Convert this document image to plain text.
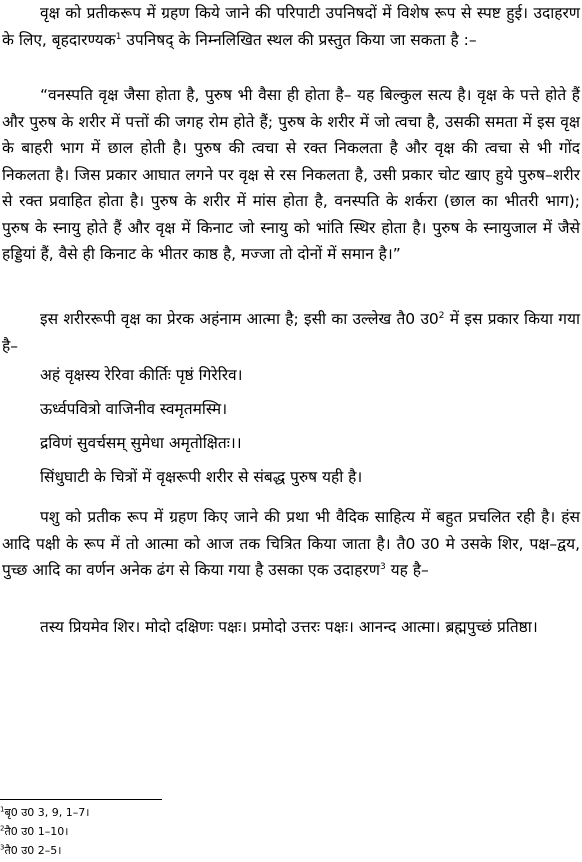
वृक्ष को प्रतीकरूप में ग्रहण किये जाने की परिपाटी उपनिषदों में विशेष रूप से स्पष्ट हुई। उदाहरण के लिए, बृहदारण्यक$^1$ उपनिषद् के निम्नलिखित स्थल की प्रस्तुत किया जा सकता है :–

“वनस्पति वृक्ष जैसा होता है, पुरुष भी वैसा ही होता है– यह बिल्कुल सत्य है। वृक्ष के पत्ते होते हैं और पुरुष के शरीर में पत्तों की जगह रोम होते हैं; पुरुष के शरीर में जो त्वचा है, उसकी समता में इस वृक्ष के बाहरी भाग में छाल होती है। पुरुष की त्वचा से रक्त निकलता है और वृक्ष की त्वचा से भी गोंद निकलता है। जिस प्रकार आघात लगने पर वृक्ष से रस निकलता है, उसी प्रकार चोट खाए हुये पुरुष–शरीर से रक्त प्रवाहित होता है। पुरुष के शरीर में मांस होता है, वनस्पति के शर्करा (छाल का भीतरी भाग); पुरुष के स्नायु होते हैं और वृक्ष में किनाट जो स्नायु को भांति स्थिर होता है। पुरुष के स्नायुजाल में जैसे हड्डियां हैं, वैसे ही किनाट के भीतर काष्ठ है, मज्जा तो दोनों में समान है।”

इस शरीररूपी वृक्ष का प्रेरक अहंनाम आत्मा है; इसी का उल्लेख तै0 $उ0^2$ में इस प्रकार किया गया है–

अहं वृक्षस्य रेरिवा कीर्तिः पृष्ठं गिरेरिव।

ऊर्ध्वपवित्रो वाजिनीव स्वमृतमस्मि।

द्रविणं सुवर्चसम् सुमेधा अमृतोक्षितः।।

सिंधुघाटी के चित्रों में वृक्षरूपी शरीर से संबद्ध पुरुष यही है।

पशु को प्रतीक रूप में ग्रहण किए जाने की प्रथा भी वैदिक साहित्य में बहुत प्रचलित रही है। हंस आदि पक्षी के रूप में तो आत्मा को आज तक चित्रित किया जाता है। तै0 उ0 मे उसके शिर, पक्ष–द्वय, पुच्छ आदि का वर्णन अनेक ढंग से किया गया है उसका एक उदाहरण$^3$ यह है–

तस्य प्रियमेव शिर। मोदो दक्षिणः पक्षः। प्रमोदो उत्तरः पक्षः। आनन्द आत्मा। ब्रह्मपुच्छं प्रतिष्ठा।

$^1$बृ0 उ0 3, 9, 1–7।
$^2$तै0 उ0 1–10।
$^3$तै0 उ0 2–5।
